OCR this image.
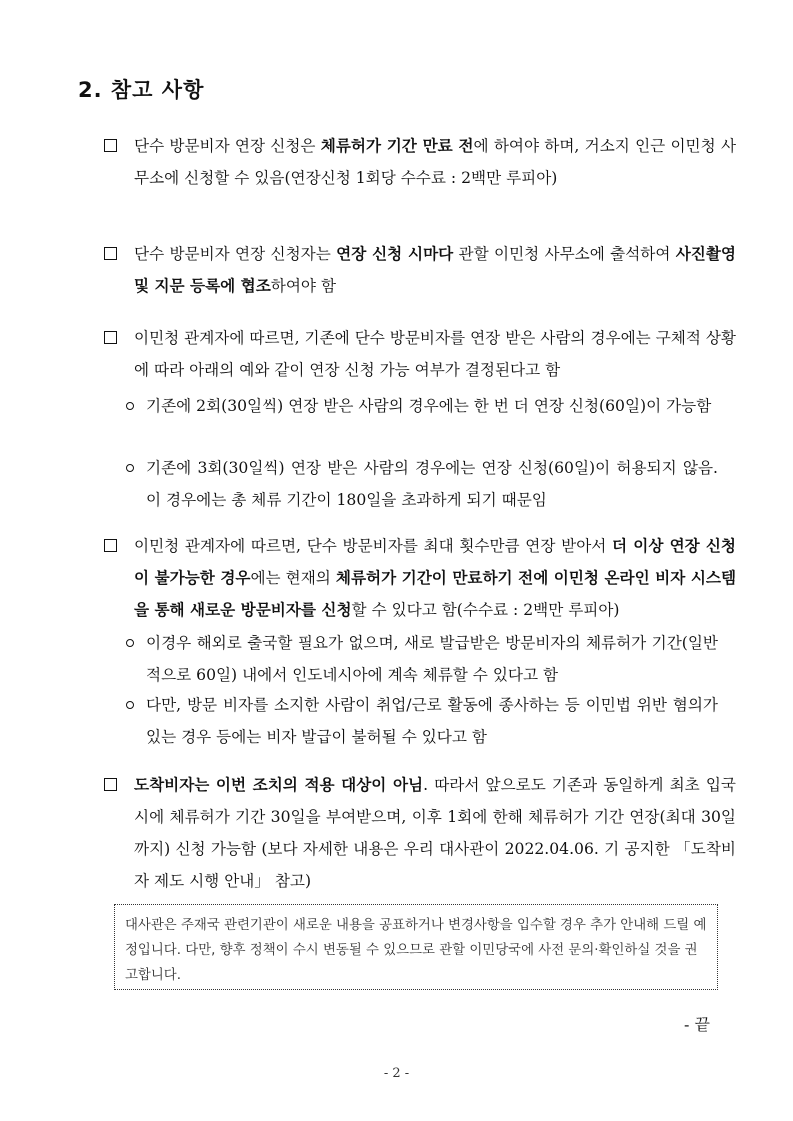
2. 참고 사항
단수 방문비자 연장 신청은 체류허가 기간 만료 전에 하여야 하며, 거소지 인근 이민청 사무소에 신청할 수 있음(연장신청 1회당 수수료 : 2백만 루피아)
단수 방문비자 연장 신청자는 연장 신청 시마다 관할 이민청 사무소에 출석하여 사진촬영 및 지문 등록에 협조하여야 함
이민청 관계자에 따르면, 기존에 단수 방문비자를 연장 받은 사람의 경우에는 구체적 상황에 따라 아래의 예와 같이 연장 신청 가능 여부가 결정된다고 함
기존에 2회(30일씩) 연장 받은 사람의 경우에는 한 번 더 연장 신청(60일)이 가능함
기존에 3회(30일씩) 연장 받은 사람의 경우에는 연장 신청(60일)이 허용되지 않음. 이 경우에는 총 체류 기간이 180일을 초과하게 되기 때문임
이민청 관계자에 따르면, 단수 방문비자를 최대 횟수만큼 연장 받아서 더 이상 연장 신청이 불가능한 경우에는 현재의 체류허가 기간이 만료하기 전에 이민청 온라인 비자 시스템을 통해 새로운 방문비자를 신청할 수 있다고 함(수수료 : 2백만 루피아)
이경우 해외로 출국할 필요가 없으며, 새로 발급받은 방문비자의 체류허가 기간(일반적으로 60일) 내에서 인도네시아에 계속 체류할 수 있다고 함
다만, 방문 비자를 소지한 사람이 취업/근로 활동에 종사하는 등 이민법 위반 혐의가 있는 경우 등에는 비자 발급이 불허될 수 있다고 함
도착비자는 이번 조치의 적용 대상이 아님. 따라서 앞으로도 기존과 동일하게 최초 입국 시에 체류허가 기간 30일을 부여받으며, 이후 1회에 한해 체류허가 기간 연장(최대 30일까지) 신청 가능함 (보다 자세한 내용은 우리 대사관이 2022.04.06. 기 공지한 「도착비자 제도 시행 안내」 참고)
대사관은 주재국 관련기관이 새로운 내용을 공표하거나 변경사항을 입수할 경우 추가 안내해 드릴 예정입니다. 다만, 향후 정책이 수시 변동될 수 있으므로 관할 이민당국에 사전 문의·확인하실 것을 권고합니다.
- 끝
- 2 -
